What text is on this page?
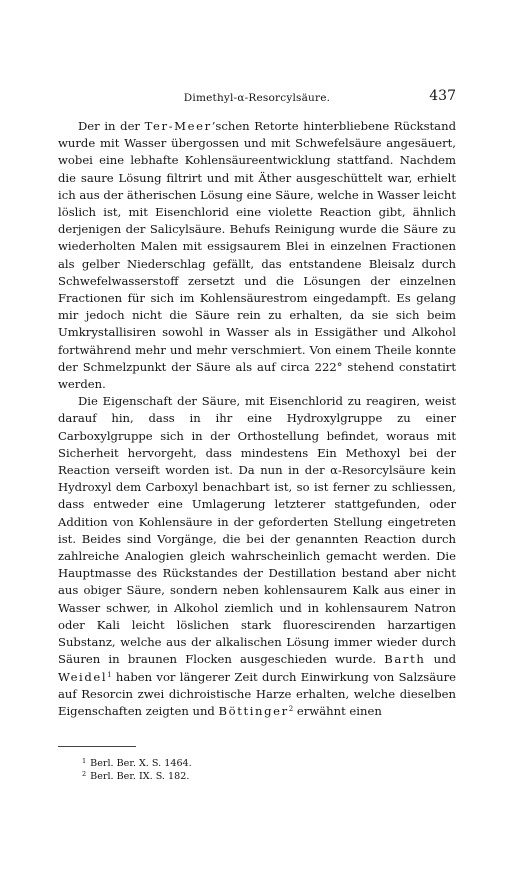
Dimethyl-α-Resorcylsäure.	437

Der in der Ter-Meer’schen Retorte hinterbliebene Rückstand wurde mit Wasser übergossen und mit Schwefelsäure angesäuert, wobei eine lebhafte Kohlensäureentwicklung stattfand. Nachdem die saure Lösung filtrirt und mit Äther ausgeschüttelt war, erhielt ich aus der ätherischen Lösung eine Säure, welche in Wasser leicht löslich ist, mit Eisenchlorid eine violette Reaction gibt, ähnlich derjenigen der Salicylsäure. Behufs Reinigung wurde die Säure zu wiederholten Malen mit essigsaurem Blei in einzelnen Fractionen als gelber Niederschlag gefällt, das entstandene Bleisalz durch Schwefelwasserstoff zersetzt und die Lösungen der einzelnen Fractionen für sich im Kohlensäurestrom eingedampft. Es gelang mir jedoch nicht die Säure rein zu erhalten, da sie sich beim Umkrystallisiren sowohl in Wasser als in Essigäther und Alkohol fortwährend mehr und mehr verschmiert. Von einem Theile konnte der Schmelzpunkt der Säure als auf circa 222° stehend constatirt werden.

Die Eigenschaft der Säure, mit Eisenchlorid zu reagiren, weist darauf hin, dass in ihr eine Hydroxylgruppe zu einer Carboxylgruppe sich in der Orthostellung befindet, woraus mit Sicherheit hervorgeht, dass mindestens Ein Methoxyl bei der Reaction verseift worden ist. Da nun in der α-Resorcylsäure kein Hydroxyl dem Carboxyl benachbart ist, so ist ferner zu schliessen, dass entweder eine Umlagerung letzterer stattgefunden, oder Addition von Kohlensäure in der geforderten Stellung eingetreten ist. Beides sind Vorgänge, die bei der genannten Reaction durch zahlreiche Analogien gleich wahrscheinlich gemacht werden. Die Hauptmasse des Rückstandes der Destillation bestand aber nicht aus obiger Säure, sondern neben kohlensaurem Kalk aus einer in Wasser schwer, in Alkohol ziemlich und in kohlensaurem Natron oder Kali leicht löslichen stark fluorescirenden harzartigen Substanz, welche aus der alkalischen Lösung immer wieder durch Säuren in braunen Flocken ausgeschieden wurde. Barth und Weidel$^1$ haben vor längerer Zeit durch Einwirkung von Salzsäure auf Resorcin zwei dichroistische Harze erhalten, welche dieselben Eigenschaften zeigten und Böttinger$^2$ erwähnt einen

$^1$ Berl. Ber. X. S. 1464.
$^2$ Berl. Ber. IX. S. 182.
